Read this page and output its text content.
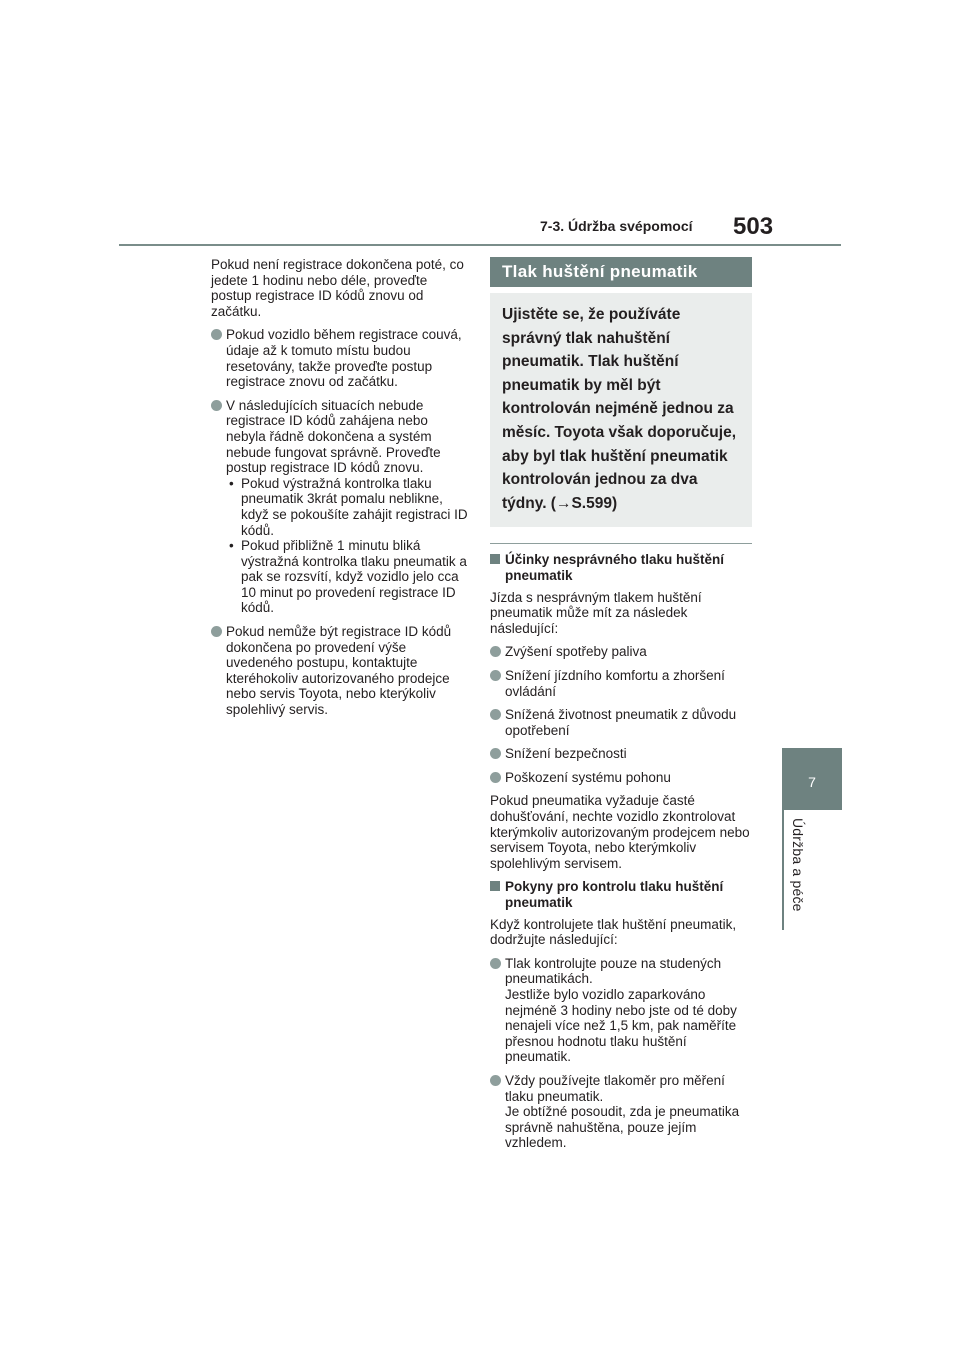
7-3. Údržba svépomocí 503
7
Údržba a péče

Pokud není registrace dokončena poté, co jedete 1 hodinu nebo déle, proveďte postup registrace ID kódů znovu od začátku.

Pokud vozidlo během registrace couvá, údaje až k tomuto místu budou resetovány, takže proveďte postup registrace znovu od začátku.
V následujících situacích nebude registrace ID kódů zahájena nebo nebyla řádně dokončena a systém nebude fungovat správně. Proveďte postup registrace ID kódů znovu.
• Pokud výstražná kontrolka tlaku pneumatik 3krát pomalu neblikne, když se pokoušíte zahájit registraci ID kódů.
• Pokud přibližně 1 minutu bliká výstražná kontrolka tlaku pneumatik a pak se rozsvítí, když vozidlo jelo cca 10 minut po provedení registrace ID kódů.
Pokud nemůže být registrace ID kódů dokončena po provedení výše uvedeného postupu, kontaktujte kteréhokoliv autorizovaného prodejce nebo servis Toyota, nebo kterýkoliv spolehlivý servis.
Tlak huštění pneumatik
Ujistěte se, že používáte správný tlak nahuštění pneumatik. Tlak huštění pneumatik by měl být kontrolován nejméně jednou za měsíc. Toyota však doporučuje, aby byl tlak huštění pneumatik kontrolován jednou za dva týdny. (→S.599)
Účinky nesprávného tlaku huštění pneumatik

Jízda s nesprávným tlakem huštění pneumatik může mít za následek následující:

Zvýšení spotřeby paliva
Snížení jízdního komfortu a zhoršení ovládání
Snížená životnost pneumatik z důvodu opotřebení
Snížení bezpečnosti
Poškození systému pohonu

Pokud pneumatika vyžaduje časté dohušťování, nechte vozidlo zkontrolovat kterýmkoliv autorizovaným prodejcem nebo servisem Toyota, nebo kterýmkoliv spolehlivým servisem.

Pokyny pro kontrolu tlaku huštění pneumatik

Když kontrolujete tlak huštění pneumatik, dodržujte následující:

Tlak kontrolujte pouze na studených pneumatikách.
Jestliže bylo vozidlo zaparkováno nejméně 3 hodiny nebo jste od té doby nenajeli více než 1,5 km, pak naměříte přesnou hodnotu tlaku huštění pneumatik.
Vždy používejte tlakoměr pro měření tlaku pneumatik.
Je obtížné posoudit, zda je pneumatika správně nahuštěna, pouze jejím vzhledem.
